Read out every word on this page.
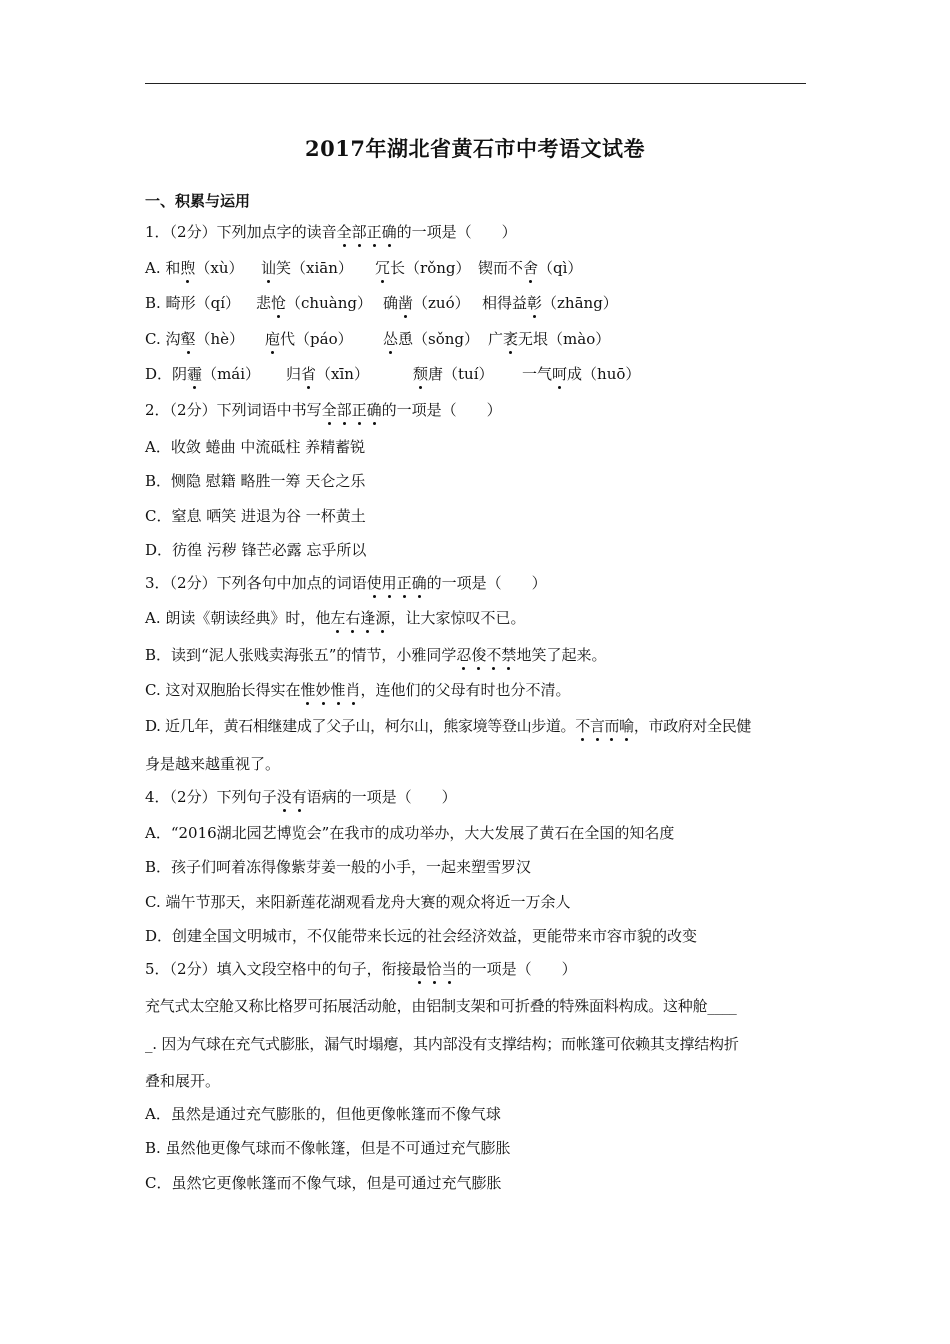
2017年湖北省黄石市中考语文试卷
一、积累与运用
1．（2分）下列加点字的读音全部正确的一项是（　　）
A. 和煦（xù） 讪笑（xiān） 冗长（rǒng） 锲而不舍（qì）
B. 畸形（qí） 悲怆（chuàng） 确凿（zuó） 相得益彰（zhāng）
C. 沟壑（hè） 庖代（páo） 怂恿（sǒng） 广袤无垠（mào）
D．阴霾（mái） 归省（xīn）	颓唐（tuí） 一气呵成（huō）
2．（2分）下列词语中书写全部正确的一项是（　　）
A．收敛 蜷曲 中流砥柱 养精蓄锐
B．恻隐 慰籍 略胜一筹 天仑之乐
C．窒息 哂笑 进退为谷 一杯黄土
D．彷徨 污秽 锋芒必露 忘乎所以
3．（2分）下列各句中加点的词语使用正确的一项是（　　）
A. 朗读《朝读经典》时，他左右逢源，让大家惊叹不已。
B．读到“泥人张贱卖海张五”的情节，小雅同学忍俊不禁地笑了起来。
C. 这对双胞胎长得实在惟妙惟肖，连他们的父母有时也分不清。
D. 近几年，黄石相继建成了父子山，柯尔山，熊家境等登山步道。不言而喻，市政府对全民健
身是越来越重视了。
4．（2分）下列句子没有语病的一项是（　　）
A．“2016湖北园艺博览会”在我市的成功举办，大大发展了黄石在全国的知名度
B．孩子们呵着冻得像紫芽姜一般的小手，一起来塑雪罗汉
C. 端午节那天，来阳新莲花湖观看龙舟大赛的观众将近一万余人
D．创建全国文明城市，不仅能带来长远的社会经济效益，更能带来市容市貌的改变
5．（2分）填入文段空格中的句子，衔接最恰当的一项是（　　）
充气式太空舱又称比格罗可拓展活动舱，由铝制支架和可折叠的特殊面料构成。这种舱____
_. 因为气球在充气式膨胀，漏气时塌瘪，其内部没有支撑结构；而帐篷可依赖其支撑结构折
叠和展开。
A．虽然是通过充气膨胀的，但他更像帐篷而不像气球
B. 虽然他更像气球而不像帐篷，但是不可通过充气膨胀
C．虽然它更像帐篷而不像气球，但是可通过充气膨胀
